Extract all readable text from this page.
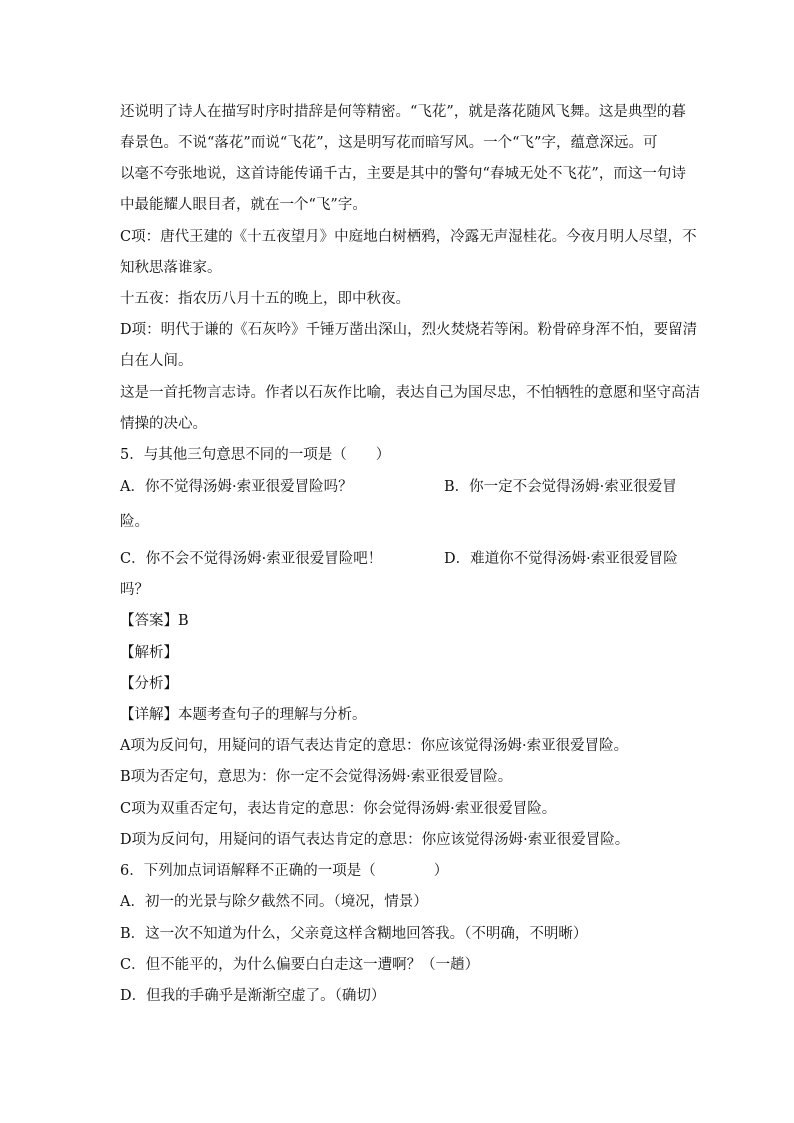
还说明了诗人在描写时序时措辞是何等精密。“飞花”，就是落花随风飞舞。这是典型的暮
春景色。不说“落花”而说“飞花”，这是明写花而暗写风。一个“飞”字，蕴意深远。可
以毫不夸张地说，这首诗能传诵千古，主要是其中的警句“春城无处不飞花”，而这一句诗
中最能耀人眼目者，就在一个“飞”字。
C项：唐代王建的《十五夜望月》中庭地白树栖鸦，冷露无声湿桂花。今夜月明人尽望，不
知秋思落谁家。
十五夜：指农历八月十五的晚上，即中秋夜。
D项：明代于谦的《石灰吟》千锤万凿出深山，烈火焚烧若等闲。粉骨碎身浑不怕，要留清
白在人间。
这是一首托物言志诗。作者以石灰作比喻，表达自己为国尽忠，不怕牺牲的意愿和坚守高洁
情操的决心。
5．与其他三句意思不同的一项是（　　）
A．你不觉得汤姆·索亚很爱冒险吗？	B．你一定不会觉得汤姆·索亚很爱冒
险。
C．你不会不觉得汤姆·索亚很爱冒险吧！	D．难道你不觉得汤姆·索亚很爱冒险
吗？
【答案】B
【解析】
【分析】
【详解】本题考查句子的理解与分析。
A项为反问句，用疑问的语气表达肯定的意思：你应该觉得汤姆·索亚很爱冒险。
B项为否定句，意思为：你一定不会觉得汤姆·索亚很爱冒险。
C项为双重否定句，表达肯定的意思：你会觉得汤姆·索亚很爱冒险。
D项为反问句，用疑问的语气表达肯定的意思：你应该觉得汤姆·索亚很爱冒险。
6．下列加点词语解释不正确的一项是（　　　　）
A．初一的光景与除夕截然不同。（境况，情景）
B．这一次不知道为什么，父亲竟这样含糊地回答我。（不明确，不明晰）
C．但不能平的，为什么偏要白白走这一遭啊？（一趟）
D．但我的手确乎是渐渐空虚了。（确切）
